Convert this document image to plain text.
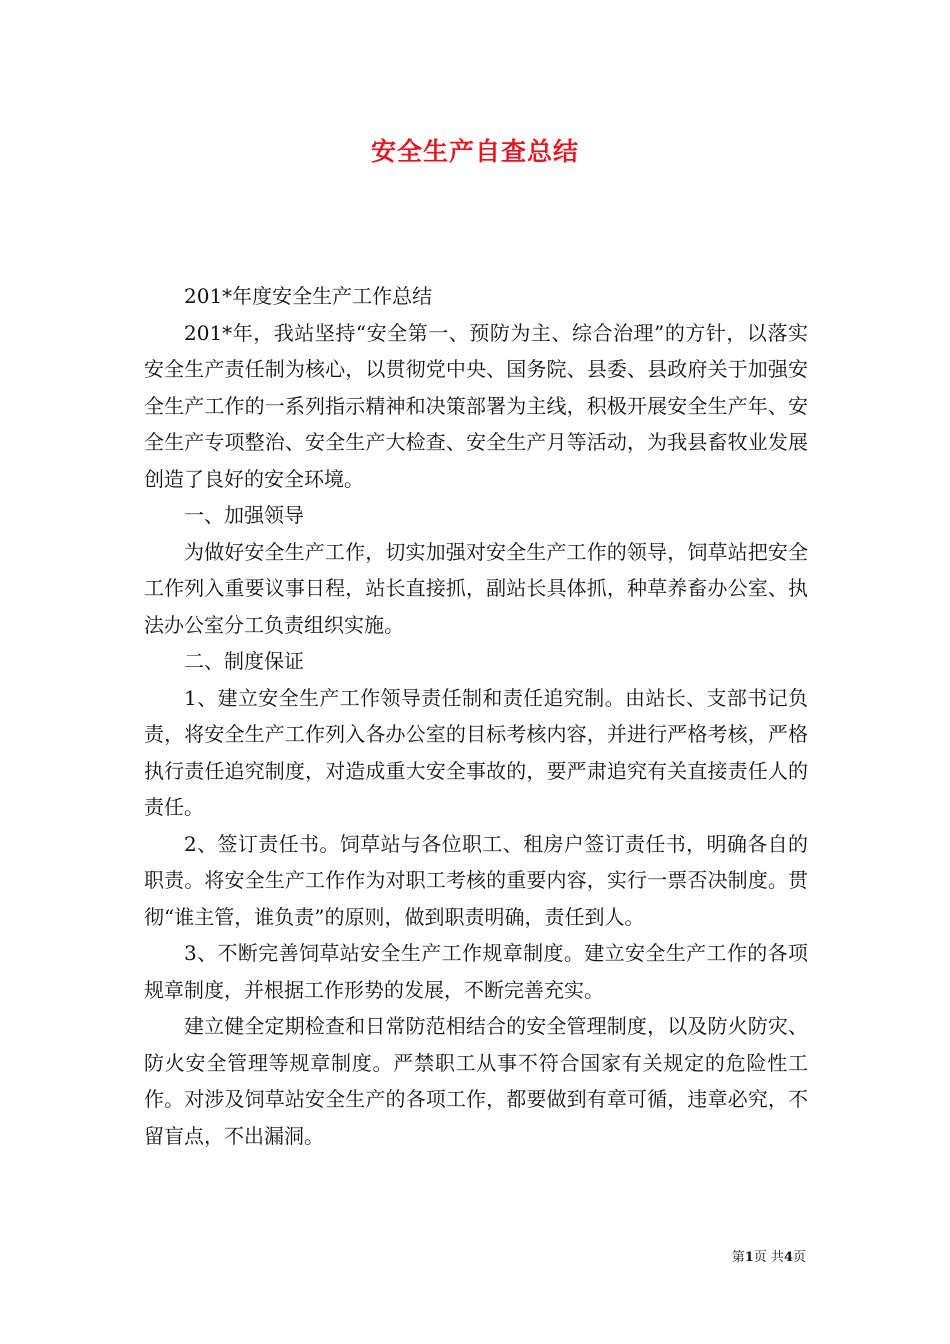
安全生产自查总结

201*年度安全生产工作总结

201*年，我站坚持“安全第一、预防为主、综合治理”的方针，以落实安全生产责任制为核心，以贯彻党中央、国务院、县委、县政府关于加强安全生产工作的一系列指示精神和决策部署为主线，积极开展安全生产年、安全生产专项整治、安全生产大检查、安全生产月等活动，为我县畜牧业发展创造了良好的安全环境。

一、加强领导

为做好安全生产工作，切实加强对安全生产工作的领导，饲草站把安全工作列入重要议事日程，站长直接抓，副站长具体抓，种草养畜办公室、执法办公室分工负责组织实施。

二、制度保证

1、建立安全生产工作领导责任制和责任追究制。由站长、支部书记负责，将安全生产工作列入各办公室的目标考核内容，并进行严格考核，严格执行责任追究制度，对造成重大安全事故的，要严肃追究有关直接责任人的责任。

2、签订责任书。饲草站与各位职工、租房户签订责任书，明确各自的职责。将安全生产工作作为对职工考核的重要内容，实行一票否决制度。贯彻“谁主管，谁负责”的原则，做到职责明确，责任到人。

3、不断完善饲草站安全生产工作规章制度。建立安全生产工作的各项规章制度，并根据工作形势的发展，不断完善充实。

建立健全定期检查和日常防范相结合的安全管理制度，以及防火防灾、防火安全管理等规章制度。严禁职工从事不符合国家有关规定的危险性工作。对涉及饲草站安全生产的各项工作，都要做到有章可循，违章必究，不留盲点，不出漏洞。

第1页 共4页
